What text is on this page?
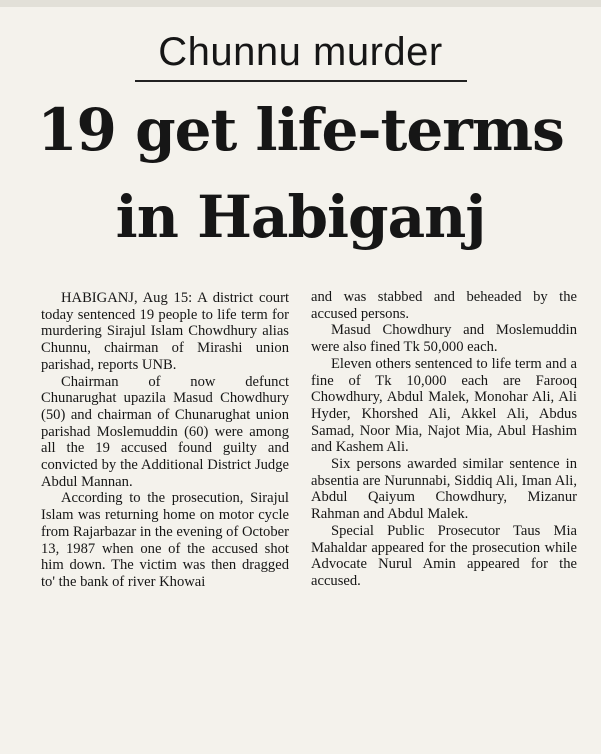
Chunnu murder
19 get life-terms
in Habiganj

HABIGANJ, Aug 15: A district court today sentenced 19 people to life term for murdering Sirajul Islam Chowdhury alias Chunnu, chairman of Mirashi union parishad, reports UNB.

Chairman of now defunct Chunarughat upazila Masud Chowdhury (50) and chairman of Chunarughat union parishad Moslemuddin (60) were among all the 19 accused found guilty and convicted by the Additional District Judge Abdul Mannan.

According to the prosecution, Sirajul Islam was returning home on motor cycle from Rajarbazar in the evening of October 13, 1987 when one of the accused shot him down. The victim was then dragged to' the bank of river Khowai

and was stabbed and beheaded by the accused persons.

Masud Chowdhury and Moslemuddin were also fined Tk 50,000 each.

Eleven others sentenced to life term and a fine of Tk 10,000 each are Farooq Chowdhury, Abdul Malek, Monohar Ali, Ali Hyder, Khorshed Ali, Akkel Ali, Abdus Samad, Noor Mia, Najot Mia, Abul Hashim and Kashem Ali.

Six persons awarded similar sentence in absentia are Nurunnabi, Siddiq Ali, Iman Ali, Abdul Qaiyum Chowdhury, Mizanur Rahman and Abdul Malek.

Special Public Prosecutor Taus Mia Mahaldar appeared for the prosecution while Advocate Nurul Amin appeared for the accused.
